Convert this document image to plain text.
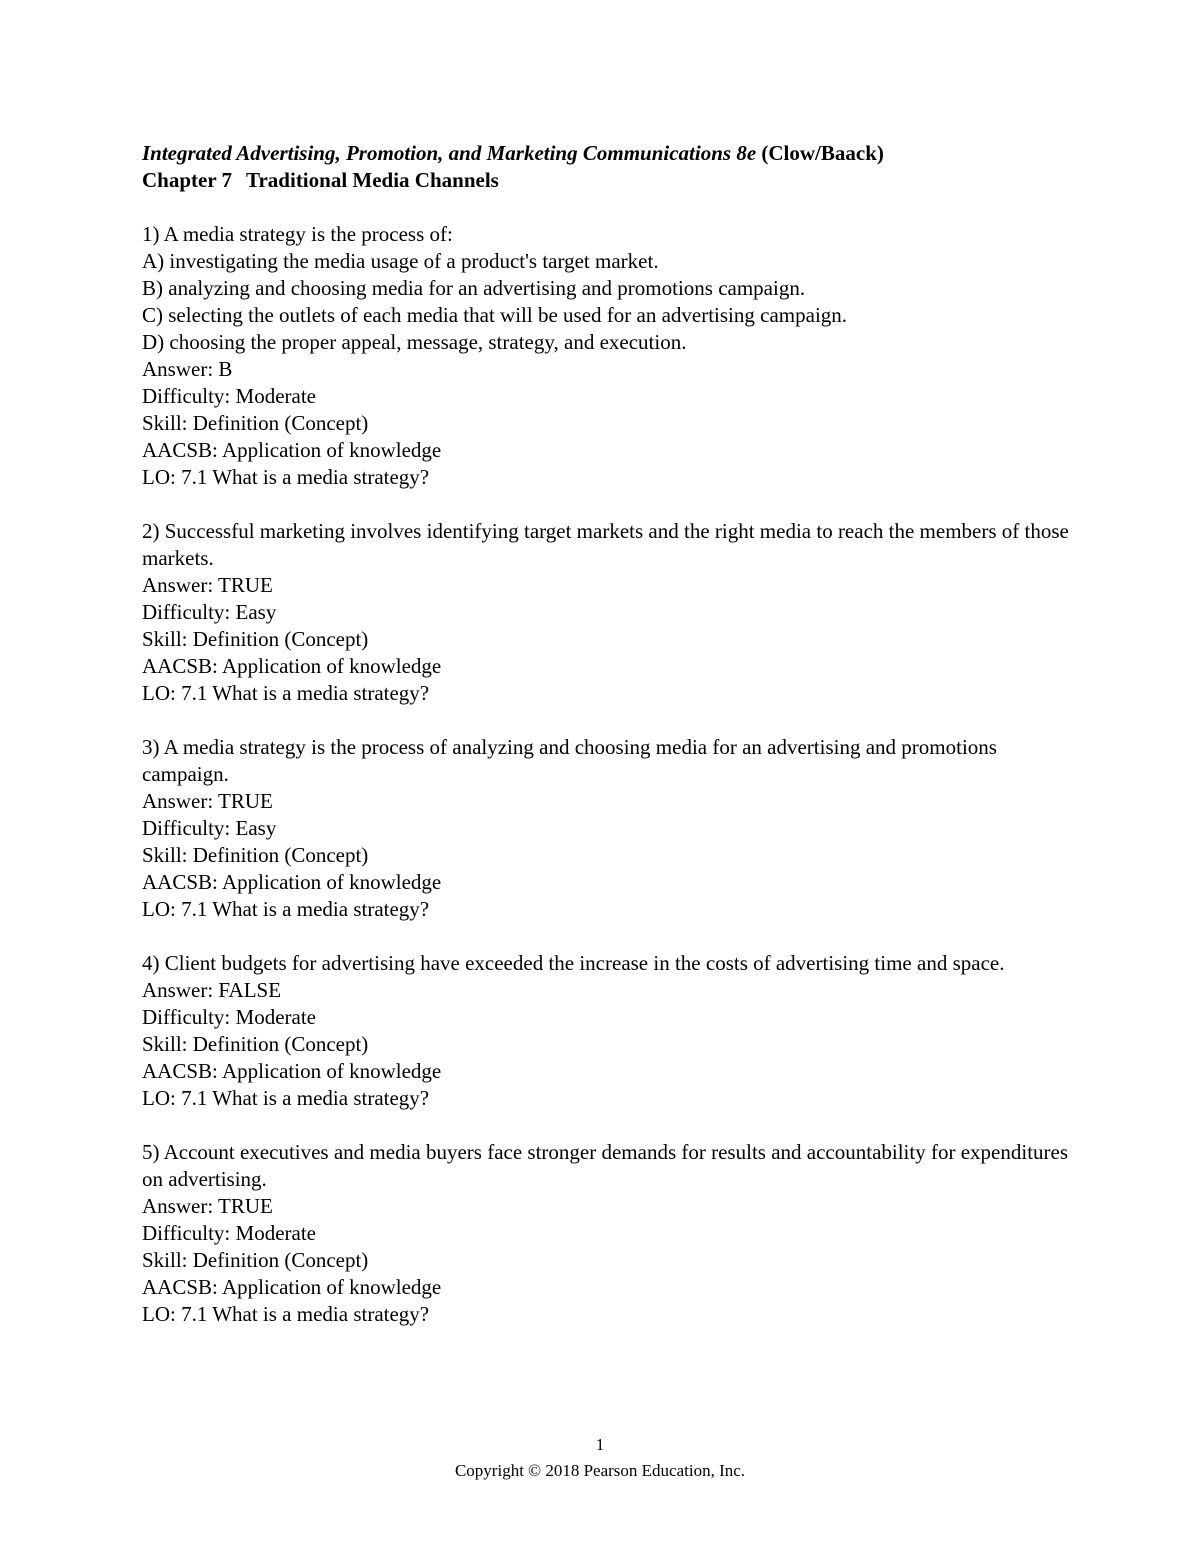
Integrated Advertising, Promotion, and Marketing Communications 8e (Clow/Baack)

Chapter 7 Traditional Media Channels

1) A media strategy is the process of:

A) investigating the media usage of a product's target market.

B) analyzing and choosing media for an advertising and promotions campaign.

C) selecting the outlets of each media that will be used for an advertising campaign.

D) choosing the proper appeal, message, strategy, and execution.

Answer: B

Difficulty: Moderate

Skill: Definition (Concept)

AACSB: Application of knowledge

LO: 7.1 What is a media strategy?

2) Successful marketing involves identifying target markets and the right media to reach the members of those markets.

Answer: TRUE

Difficulty: Easy

Skill: Definition (Concept)

AACSB: Application of knowledge

LO: 7.1 What is a media strategy?

3) A media strategy is the process of analyzing and choosing media for an advertising and promotions campaign.

Answer: TRUE

Difficulty: Easy

Skill: Definition (Concept)

AACSB: Application of knowledge

LO: 7.1 What is a media strategy?

4) Client budgets for advertising have exceeded the increase in the costs of advertising time and space.

Answer: FALSE

Difficulty: Moderate

Skill: Definition (Concept)

AACSB: Application of knowledge

LO: 7.1 What is a media strategy?

5) Account executives and media buyers face stronger demands for results and accountability for expenditures on advertising.

Answer: TRUE

Difficulty: Moderate

Skill: Definition (Concept)

AACSB: Application of knowledge

LO: 7.1 What is a media strategy?

1
Copyright © 2018 Pearson Education, Inc.
